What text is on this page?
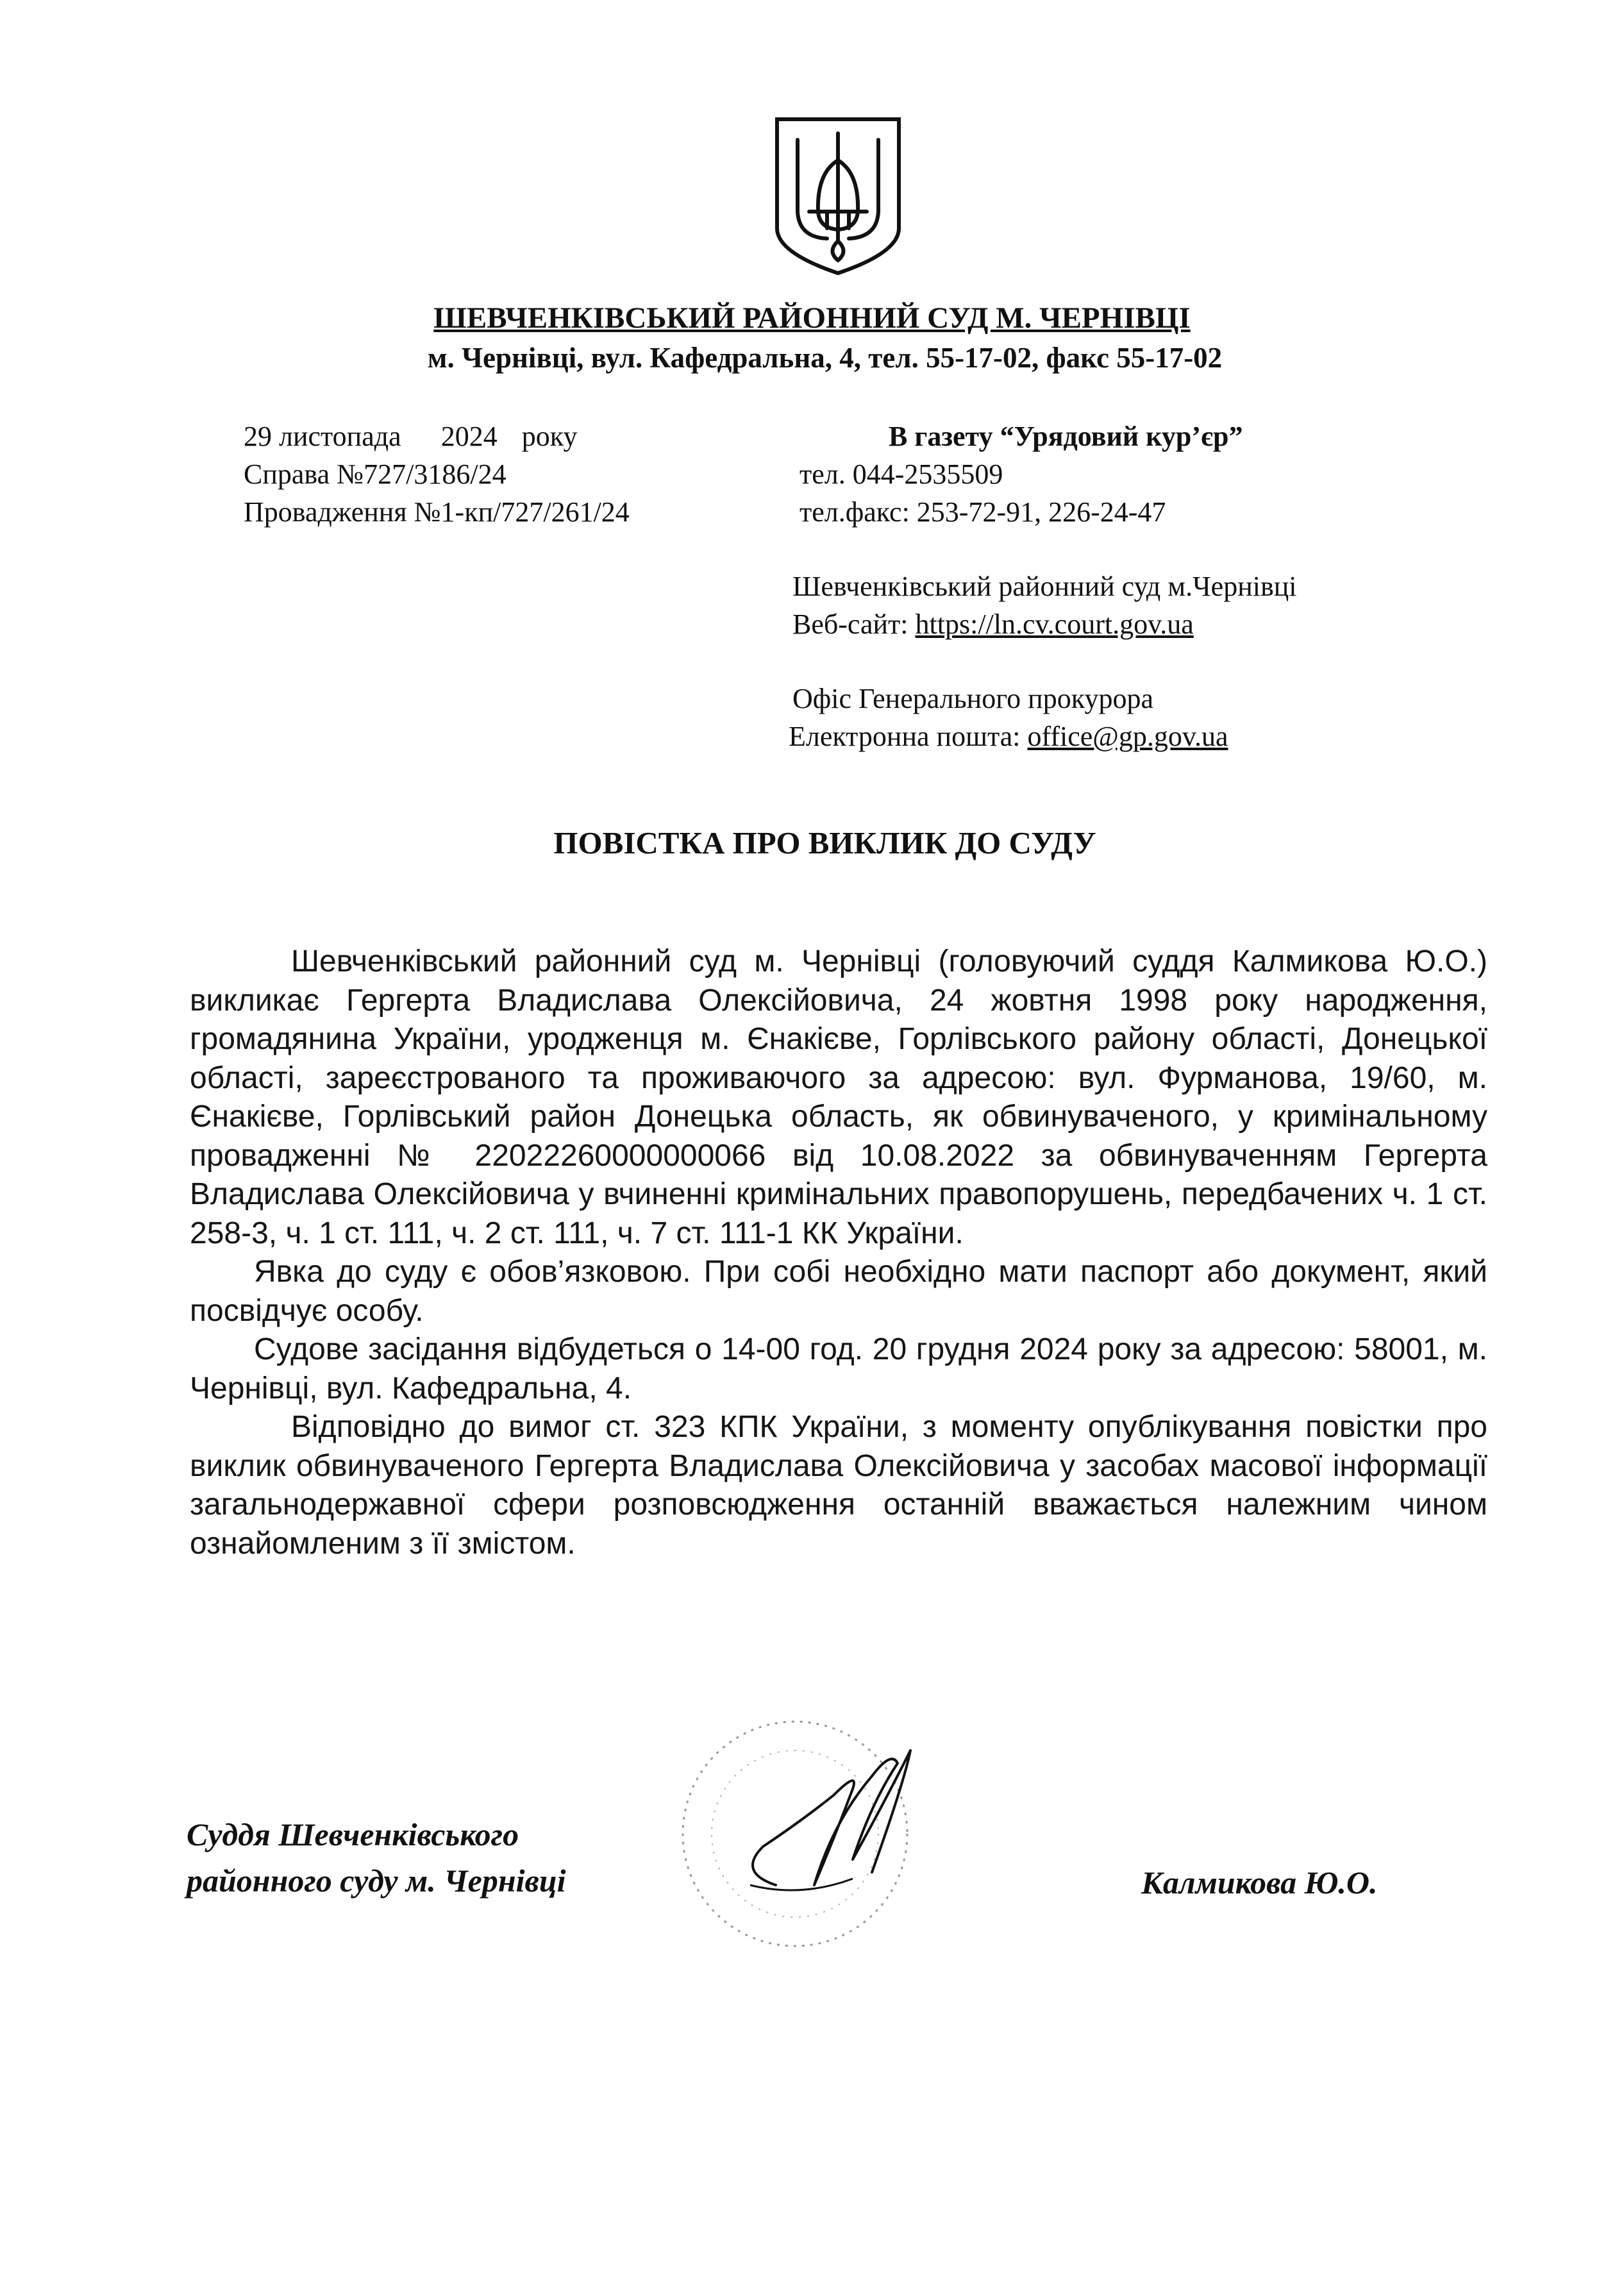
ШЕВЧЕНКІВСЬКИЙ РАЙОННИЙ СУД М. ЧЕРНІВЦІ
м. Чернівці, вул. Кафедральна, 4, тел. 55-17-02, факс 55-17-02
29 листопада 2024 року
Справа №727/3186/24
Провадження №1-кп/727/261/24
В газету “Урядовий кур’єр”
тел. 044-2535509
тел.факс: 253-72-91, 226-24-47
Шевченківський районний суд м.Чернівці
Веб-сайт: https://ln.cv.court.gov.ua
Офіс Генерального прокурора
Електронна пошта: office@gp.gov.ua
ПОВІСТКА ПРО ВИКЛИК ДО СУДУ

Шевченківський районний суд м. Чернівці (головуючий суддя Калмикова Ю.О.) викликає Гергерта Владислава Олексійовича, 24 жовтня 1998 року народження, громадянина України, уродженця м. Єнакієве, Горлівського району області, Донецької області, зареєстрованого та проживаючого за адресою: вул. Фурманова, 19/60, м. Єнакієве, Горлівський район Донецька область, як обвинуваченого, у кримінальному провадженні № 22022260000000066 від 10.08.2022 за обвинуваченням Гергерта Владислава Олексійовича у вчиненні кримінальних правопорушень, передбачених ч. 1 ст. 258-3, ч. 1 ст. 111, ч. 2 ст. 111, ч. 7 ст. 111-1 КК України.

Явка до суду є обов’язковою. При собі необхідно мати паспорт або документ, який посвідчує особу.

Судове засідання відбудеться о 14-00 год. 20 грудня 2024 року за адресою: 58001, м. Чернівці, вул. Кафедральна, 4.

Відповідно до вимог ст. 323 КПК України, з моменту опублікування повістки про виклик обвинуваченого Гергерта Владислава Олексійовича у засобах масової інформації загальнодержавної сфери розповсюдження останній вважається належним чином ознайомленим з її змістом.

Суддя Шевченківського
районного суду м. Чернівці	Калмикова Ю.О.
